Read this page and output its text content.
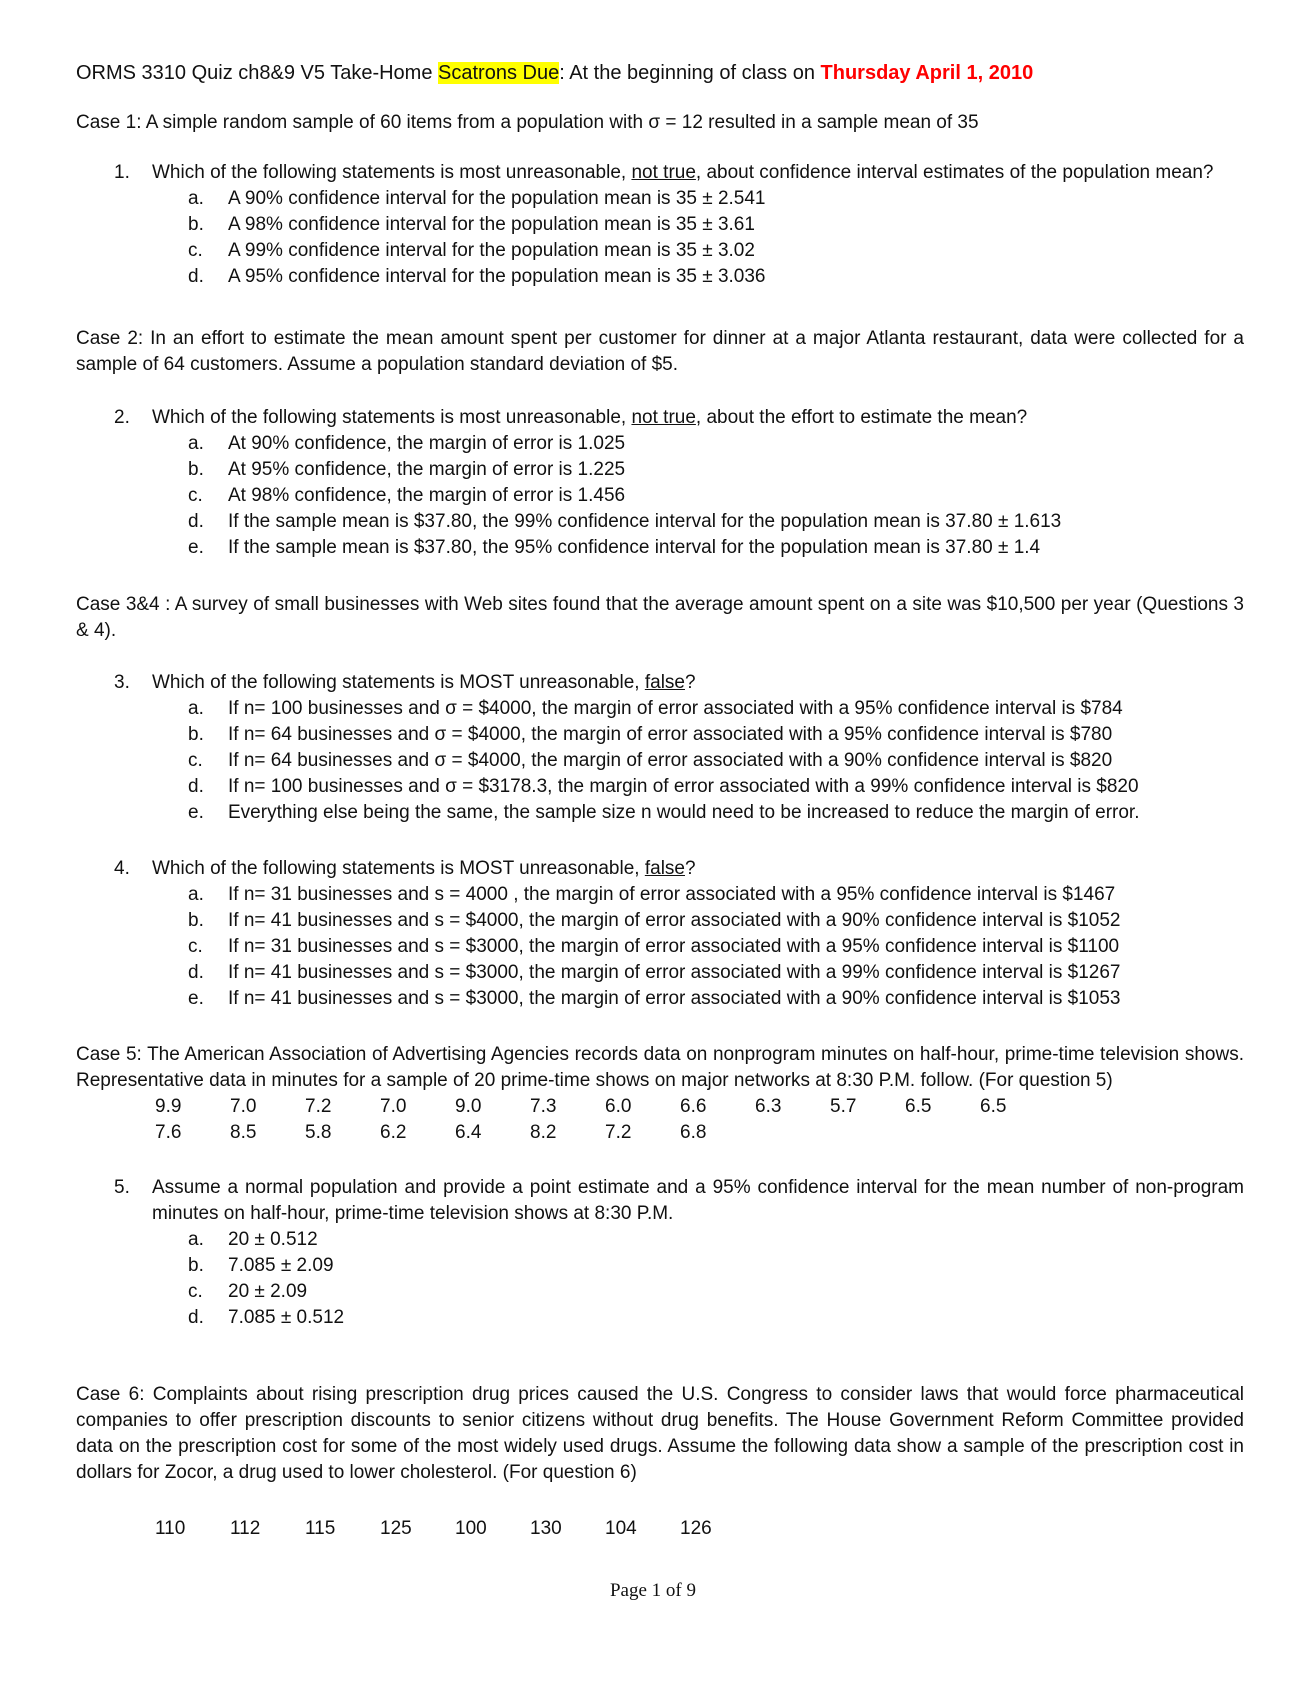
ORMS 3310 Quiz ch8&9 V5 Take-Home Scatrons Due: At the beginning of class on Thursday April 1, 2010
Case 1: A simple random sample of 60 items from a population with σ = 12 resulted in a sample mean of 35
1. Which of the following statements is most unreasonable, not true, about confidence interval estimates of the population mean?
a. A 90% confidence interval for the population mean is 35 ± 2.541
b. A 98% confidence interval for the population mean is 35 ± 3.61
c. A 99% confidence interval for the population mean is 35 ± 3.02
d. A 95% confidence interval for the population mean is 35 ± 3.036
Case 2: In an effort to estimate the mean amount spent per customer for dinner at a major Atlanta restaurant, data were collected for a sample of 64 customers. Assume a population standard deviation of $5.
2. Which of the following statements is most unreasonable, not true, about the effort to estimate the mean?
a. At 90% confidence, the margin of error is 1.025
b. At 95% confidence, the margin of error is 1.225
c. At 98% confidence, the margin of error is 1.456
d. If the sample mean is $37.80, the 99% confidence interval for the population mean is 37.80 ± 1.613
e. If the sample mean is $37.80, the 95% confidence interval for the population mean is 37.80 ± 1.4
Case 3&4 : A survey of small businesses with Web sites found that the average amount spent on a site was $10,500 per year (Questions 3 & 4).
3. Which of the following statements is MOST unreasonable, false?
a. If n= 100 businesses and σ = $4000, the margin of error associated with a 95% confidence interval is $784
b. If n= 64 businesses and σ = $4000, the margin of error associated with a 95% confidence interval is $780
c. If n= 64 businesses and σ = $4000, the margin of error associated with a 90% confidence interval is $820
d. If n= 100 businesses and σ = $3178.3, the margin of error associated with a 99% confidence interval is $820
e. Everything else being the same, the sample size n would need to be increased to reduce the margin of error.
4. Which of the following statements is MOST unreasonable, false?
a. If n= 31 businesses and s = 4000 , the margin of error associated with a 95% confidence interval is $1467
b. If n= 41 businesses and s = $4000, the margin of error associated with a 90% confidence interval is $1052
c. If n= 31 businesses and s = $3000, the margin of error associated with a 95% confidence interval is $1100
d. If n= 41 businesses and s = $3000, the margin of error associated with a 99% confidence interval is $1267
e. If n= 41 businesses and s = $3000, the margin of error associated with a 90% confidence interval is $1053
Case 5: The American Association of Advertising Agencies records data on nonprogram minutes on half-hour, prime-time television shows. Representative data in minutes for a sample of 20 prime-time shows on major networks at 8:30 P.M. follow. (For question 5)
9.9	7.0	7.2	7.0	9.0	7.3	6.0	6.6	6.3	5.7	6.5	6.5
7.6	8.5	5.8	6.2	6.4	8.2	7.2	6.8
5. Assume a normal population and provide a point estimate and a 95% confidence interval for the mean number of non-program minutes on half-hour, prime-time television shows at 8:30 P.M.
a. 20 ± 0.512
b. 7.085 ± 2.09
c. 20 ± 2.09
d. 7.085 ± 0.512
Case 6: Complaints about rising prescription drug prices caused the U.S. Congress to consider laws that would force pharmaceutical companies to offer prescription discounts to senior citizens without drug benefits. The House Government Reform Committee provided data on the prescription cost for some of the most widely used drugs. Assume the following data show a sample of the prescription cost in dollars for Zocor, a drug used to lower cholesterol. (For question 6)
110 112 115 125 100 130 104 126
Page 1 of 9
